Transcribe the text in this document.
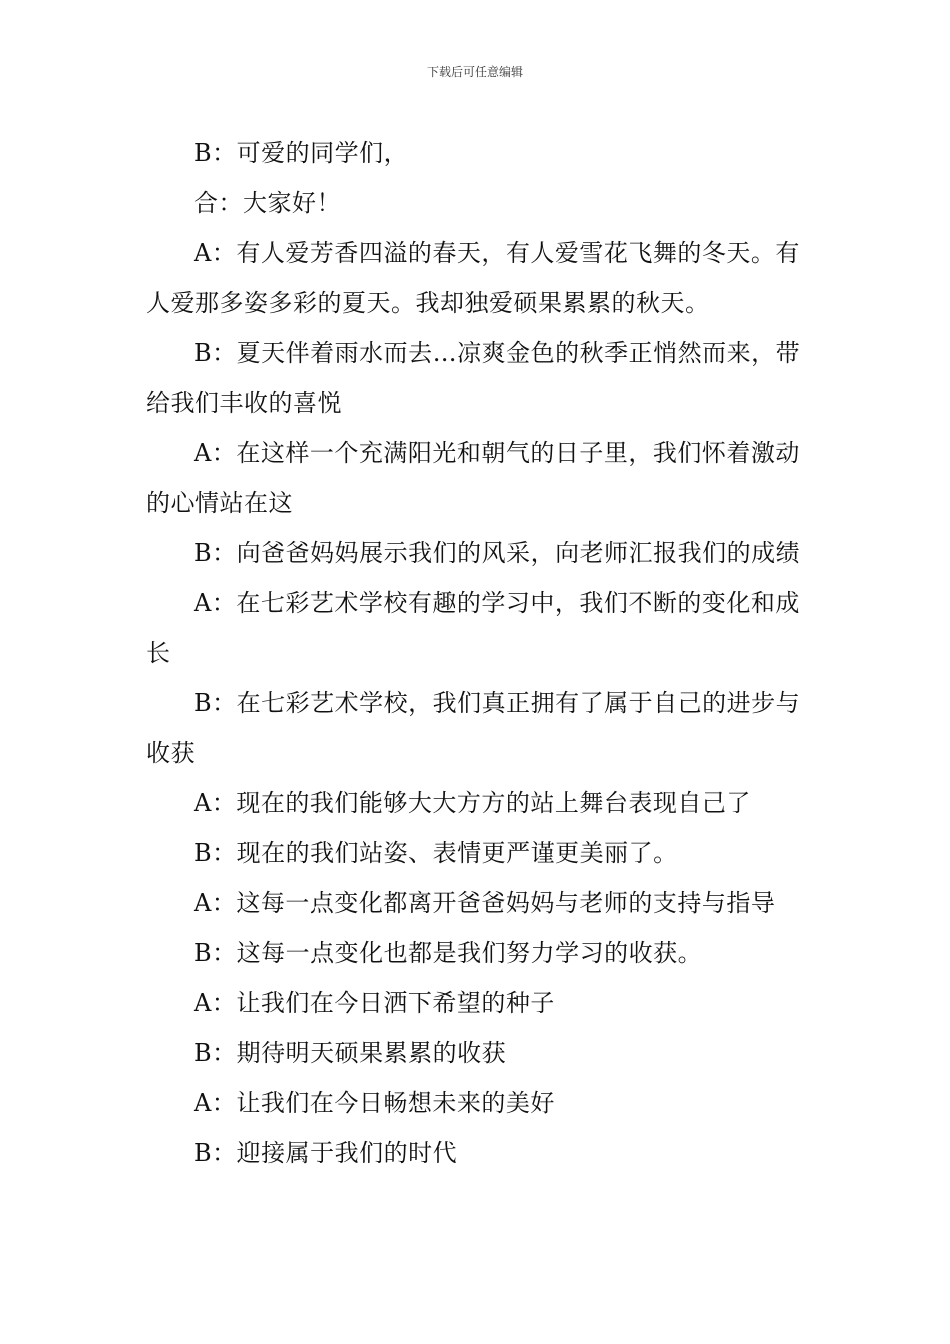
下载后可任意编辑

B：可爱的同学们，

合：大家好！

A：有人爱芳香四溢的春天，有人爱雪花飞舞的冬天。有人爱那多姿多彩的夏天。我却独爱硕果累累的秋天。

B：夏天伴着雨水而去…凉爽金色的秋季正悄然而来，带给我们丰收的喜悦

A：在这样一个充满阳光和朝气的日子里，我们怀着激动的心情站在这

B：向爸爸妈妈展示我们的风采，向老师汇报我们的成绩

A：在七彩艺术学校有趣的学习中，我们不断的变化和成长

B：在七彩艺术学校，我们真正拥有了属于自己的进步与收获

A：现在的我们能够大大方方的站上舞台表现自己了

B：现在的我们站姿、表情更严谨更美丽了。

A：这每一点变化都离开爸爸妈妈与老师的支持与指导

B：这每一点变化也都是我们努力学习的收获。

A：让我们在今日洒下希望的种子

B：期待明天硕果累累的收获

A：让我们在今日畅想未来的美好

B：迎接属于我们的时代
